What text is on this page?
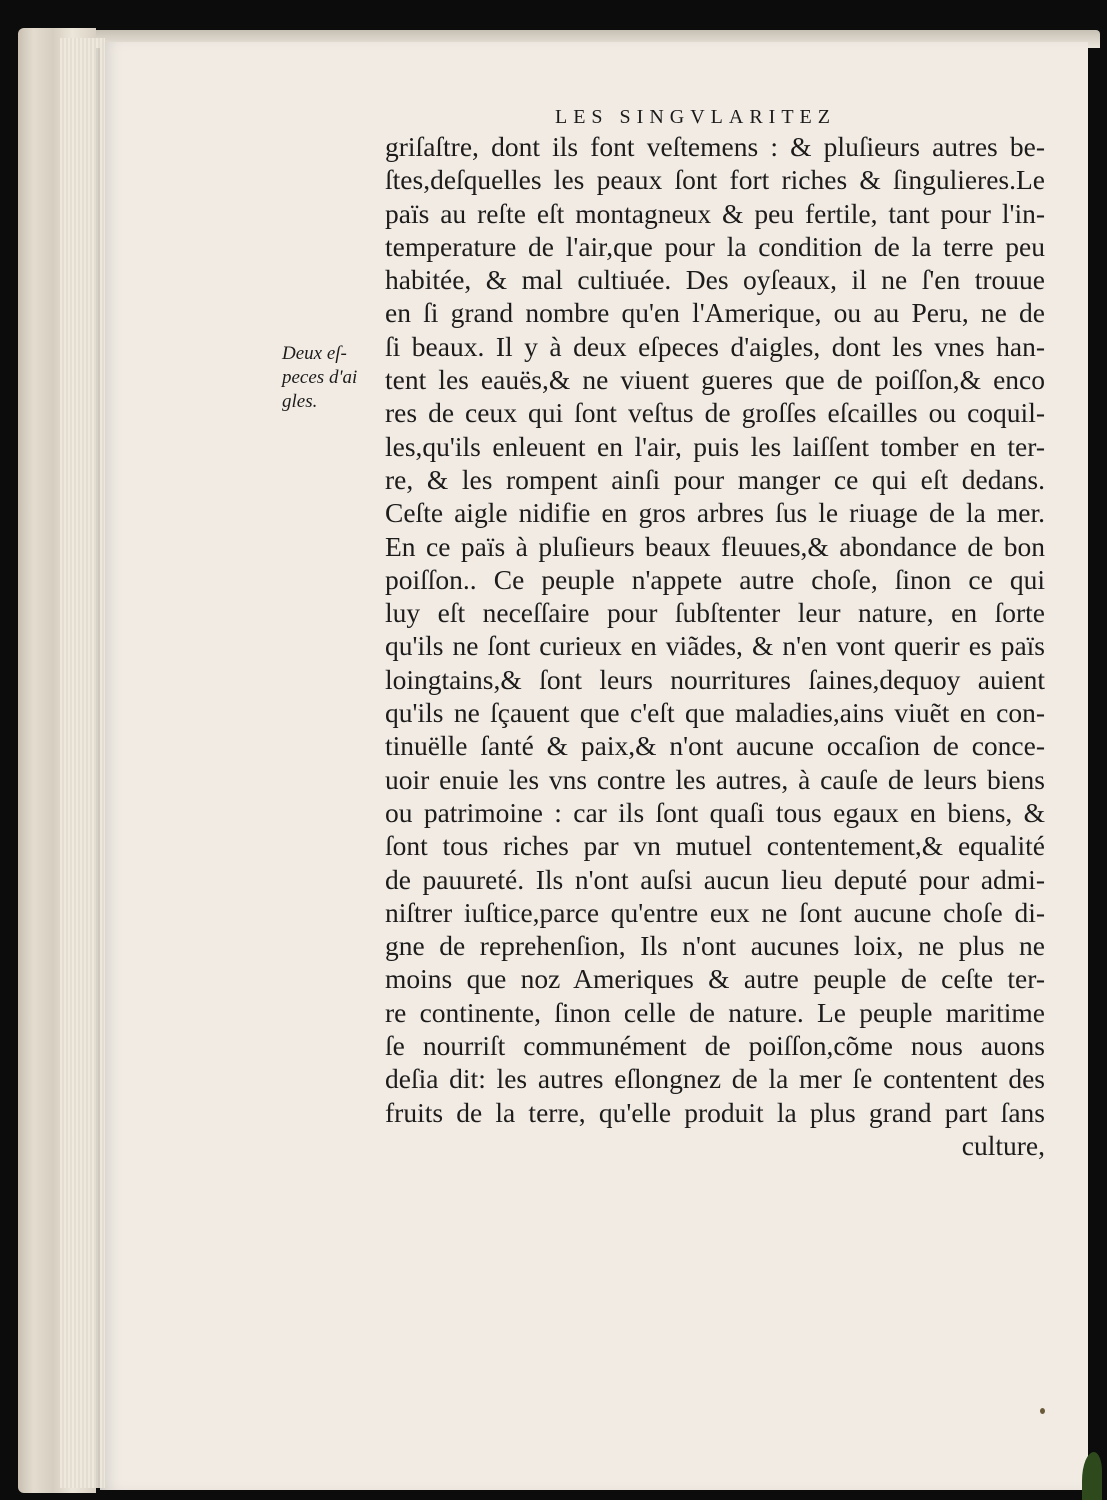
LES SINGVLARITEZ
Deux eſ-
peces d'ai
gles.
griſaſtre, dont ils font veſtemens : & pluſieurs autres be-
ſtes,deſquelles les peaux ſont fort riches & ſingulieres.Le
païs au reſte eſt montagneux & peu fertile, tant pour l'in-
temperature de l'air,que pour la condition de la terre peu
habitée, & mal cultiuée. Des oyſeaux, il ne ſ'en trouue
en ſi grand nombre qu'en l'Amerique, ou au Peru, ne de
ſi beaux. Il y à deux eſpeces d'aigles, dont les vnes han-
tent les eauës,& ne viuent gueres que de poiſſon,& enco
res de ceux qui ſont veſtus de groſſes eſcailles ou coquil-
les,qu'ils enleuent en l'air, puis les laiſſent tomber en ter-
re, & les rompent ainſi pour manger ce qui eſt dedans.
Ceſte aigle nidifie en gros arbres ſus le riuage de la mer.
En ce païs à pluſieurs beaux fleuues,& abondance de bon
poiſſon.. Ce peuple n'appete autre choſe, ſinon ce qui
luy eſt neceſſaire pour ſubſtenter leur nature, en ſorte
qu'ils ne ſont curieux en viãdes, & n'en vont querir es païs
loingtains,& ſont leurs nourritures ſaines,dequoy auient
qu'ils ne ſçauent que c'eſt que maladies,ains viuẽt en con-
tinuëlle ſanté & paix,& n'ont aucune occaſion de conce-
uoir enuie les vns contre les autres, à cauſe de leurs biens
ou patrimoine : car ils ſont quaſi tous egaux en biens, &
ſont tous riches par vn mutuel contentement,& equalité
de pauureté. Ils n'ont auſsi aucun lieu deputé pour admi-
niſtrer iuſtice,parce qu'entre eux ne ſont aucune choſe di-
gne de reprehenſion, Ils n'ont aucunes loix, ne plus ne
moins que noz Ameriques & autre peuple de ceſte ter-
re continente, ſinon celle de nature. Le peuple maritime
ſe nourriſt communément de poiſſon,cõme nous auons
deſia dit: les autres eſlongnez de la mer ſe contentent des
fruits de la terre, qu'elle produit la plus grand part ſans
culture,
